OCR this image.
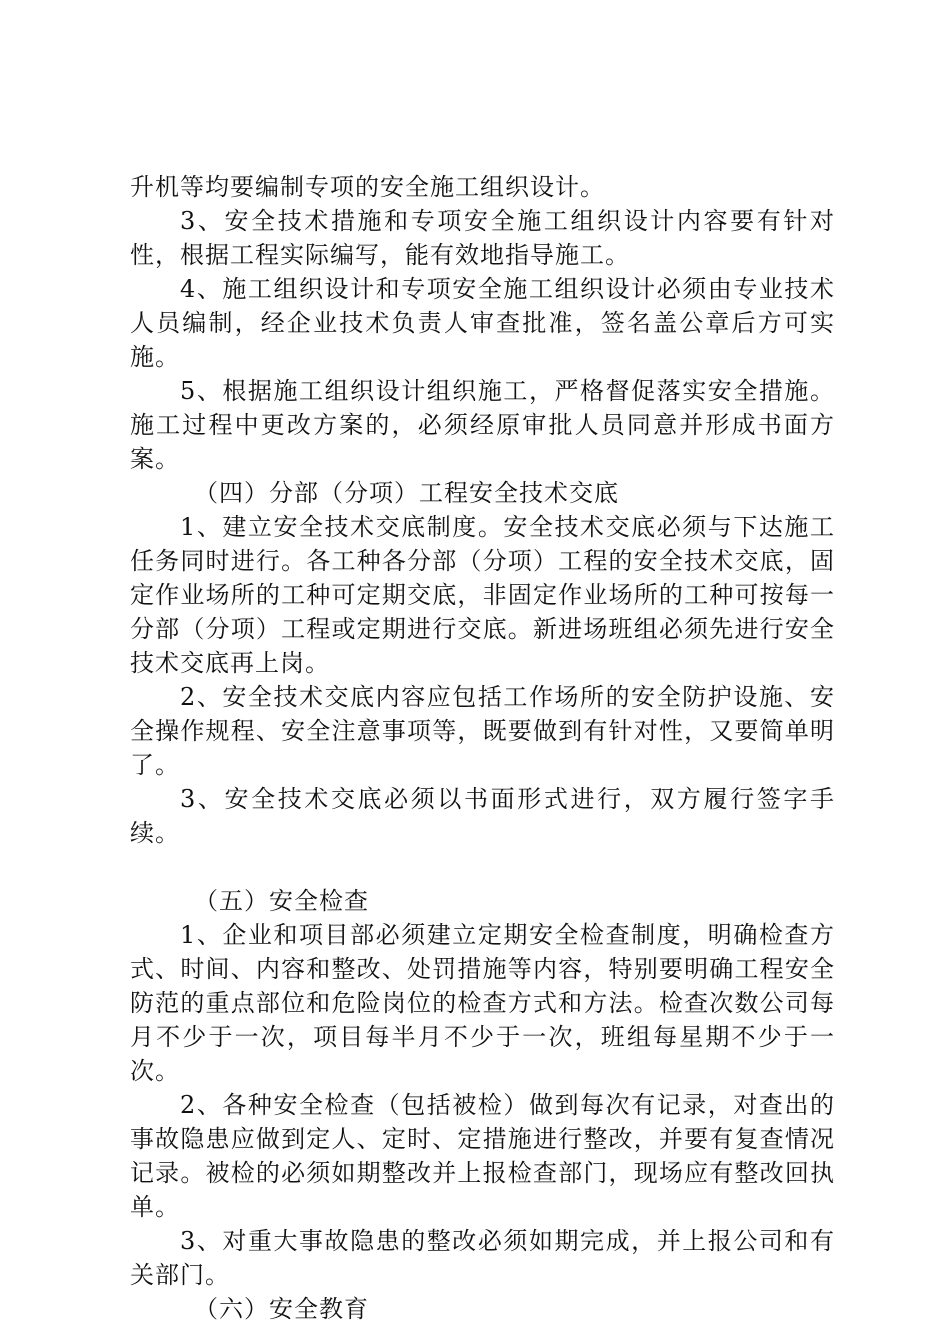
升机等均要编制专项的安全施工组织设计。

3、安全技术措施和专项安全施工组织设计内容要有针对性，根据工程实际编写，能有效地指导施工。

4、施工组织设计和专项安全施工组织设计必须由专业技术人员编制，经企业技术负责人审查批准，签名盖公章后方可实施。

5、根据施工组织设计组织施工，严格督促落实安全措施。施工过程中更改方案的，必须经原审批人员同意并形成书面方案。

（四）分部（分项）工程安全技术交底

1、建立安全技术交底制度。安全技术交底必须与下达施工任务同时进行。各工种各分部（分项）工程的安全技术交底，固定作业场所的工种可定期交底，非固定作业场所的工种可按每一分部（分项）工程或定期进行交底。新进场班组必须先进行安全技术交底再上岗。

2、安全技术交底内容应包括工作场所的安全防护设施、安全操作规程、安全注意事项等，既要做到有针对性，又要简单明了。

3、安全技术交底必须以书面形式进行，双方履行签字手续。

（五）安全检查

1、企业和项目部必须建立定期安全检查制度，明确检查方式、时间、内容和整改、处罚措施等内容，特别要明确工程安全防范的重点部位和危险岗位的检查方式和方法。检查次数公司每月不少于一次，项目每半月不少于一次，班组每星期不少于一次。

2、各种安全检查（包括被检）做到每次有记录，对查出的事故隐患应做到定人、定时、定措施进行整改，并要有复查情况记录。被检的必须如期整改并上报检查部门，现场应有整改回执单。

3、对重大事故隐患的整改必须如期完成，并上报公司和有关部门。

（六）安全教育
